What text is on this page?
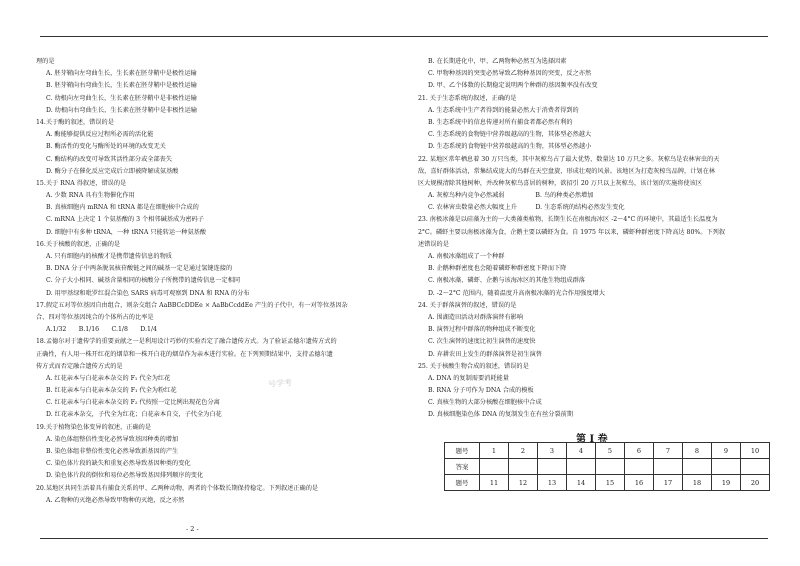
理的是
A. 胚芽鞘向左弯曲生长，生长素在胚芽鞘中是极性运输
B. 胚芽鞘向右弯曲生长，生长素在胚芽鞘中是极性运输
C. 幼根向左弯曲生长，生长素在胚芽鞘中是非极性运输
D. 幼根向右弯曲生长，生长素在胚芽鞘中是非极性运输
14.关于酶的叙述，错误的是
A. 酶能够提供反应过程所必需的活化能
B. 酶活性的变化与酶所处的环境的改变无关
C. 酶结构的改变可导致其活性部分或全部丧失
D. 酶分子在催化反应完成后立即被降解成氨基酸
15.关于 RNA 得叙述，错误的是
A. 少数 RNA 具有生物催化作用
B. 真核细胞内 mRNA 和 tRNA 都是在细胞核中合成的
C. mRNA 上决定 1 个氨基酸的 3 个相邻碱基成为密码子
D. 细胞中有多种 tRNA，一种 tRNA 只能转运一种氨基酸
16.关于核酸的叙述，正确的是
A. 只有细胞内的核酸才是携带遗传信息的物质
B. DNA 分子中两条脱氧核苷酸链之间的碱基一定是通过氢键连接的
C. 分子大小相同、碱基含量相同的核酸分子所携带的遗传信息一定相同
D. 用甲基绿和吡罗红混合染色 SARS 病毒可观察到 DNA 和 RNA 的分布
17.假定五对等位基因自由组合，则杂交组合 AaBBCcDDEe × AaBbCcddEe 产生的子代中，有一对等位基因杂
合、四对等位基因纯合的个体所占的比率是
A.1/32　　B.1/16　　C.1/8　　D.1/4
18.孟德尔对于遗传学的重要贡献之一是利用设计巧妙的实验否定了融合遗传方式。为了验证孟德尔遗传方式的
正确性，有人用一株开红花的烟草和一株开白花的烟草作为亲本进行实验。在下列预期结果中，支持孟德尔遗
传方式而否定融合遗传方式的是
A. 红花亲本与白花亲本杂交的 F₁ 代全为红花
B. 红花亲本与白花亲本杂交的 F₁ 代全为粉红花
C. 红花亲本与白花亲本杂交的 F₂ 代按照一定比例出现花色分离
D. 红花亲本杂交，子代全为红花；白花亲本自交，子代全为白花
19.关于植物染色体变异的叙述，正确的是
A. 染色体组整倍性变化必然导致基因种类的增加
B. 染色体组非整倍性变化必然导致新基因的产生
C. 染色体片段的缺失和重复必然导致基因种类的变化
D. 染色体片段的倒位和易位必然导致基因排列顺序的变化
20.某地区共同生活着具有捕食关系的甲、乙两种动物，两者的个体数长期保持稳定。下列叙述正确的是
A. 乙物种的灭绝必然导致甲物种的灭绝，反之亦然
B. 在长期进化中，甲、乙两物种必然互为选择因素
C. 甲物种基因的突变必然导致乙物种基因的突变，反之亦然
D. 甲、乙个体数的长期稳定说明两个种群的基因频率没有改变
21. 关于生态系统的叙述，正确的是
A. 生态系统中生产者得到的能量必然大于消费者得到的
B. 生态系统中的信息传递对所有捕食者都必然有利的
C. 生态系统的食物链中营养级越高的生物，其体型必然越大
D. 生态系统的食物链中营养级越高的生物，其体型必然越小
22. 某地区常年栖息着 30 万只鸟类，其中灰椋鸟占了最大优势，数量达 10 万只之多。灰椋鸟是农林害虫的天
敌，喜好群体活动，常集结成庞大的鸟群在天空盘旋，形成壮观的风景。该地区为打造灰椋鸟品牌，计划在林
区大规模清除其他树种，并改种灰椋鸟喜居的树种，欲招引 20 万只以上灰椋鸟，该计划的实施将使该区
A. 灰椋鸟种内竞争必然减弱　　　　　B. 鸟的种类必然增加
C. 农林害虫数量必然大幅度上升　　　D. 生态系统的结构必然发生变化
23. 南极冰藻是以硅藻为主的一大类藻类植物，长期生长在南极海冰区 -2～4°C 的环境中，其最适生长温度为
2°C。磷虾主要以南极冰藻为食，企鹅主要以磷虾为食。自 1975 年以来，磷虾种群密度下降高达 80%。下列叙
述错误的是
A. 南极冰藻组成了一个种群
B. 企鹅种群密度也会随着磷虾种群密度下降而下降
C. 南极冰藻、磷虾、企鹅与该海冰区的其他生物组成群落
D. -2～2°C 范围内，随着温度升高南极冰藻的光合作用强度增大
24. 关于群落演替的叙述，错误的是
A. 围湖造田活动对群落演替有影响
B. 演替过程中群落的物种组成不断变化
C. 次生演替的速度比初生演替的速度快
D. 弃耕农田上发生的群落演替是初生演替
25. 关于核酸生物合成的叙述，错误的是
A. DNA 的复制需要消耗能量
B. RNA 分子可作为 DNA 合成的模板
C. 真核生物的大部分核酸在细胞核中合成
D. 真核细胞染色体 DNA 的复制发生在有丝分裂前期
号学考
- 2 -
第 I 卷
题号	1	2	3	4	5	6	7	8	9	10
答案										
题号	11	12	13	14	15	16	17	18	19	20
